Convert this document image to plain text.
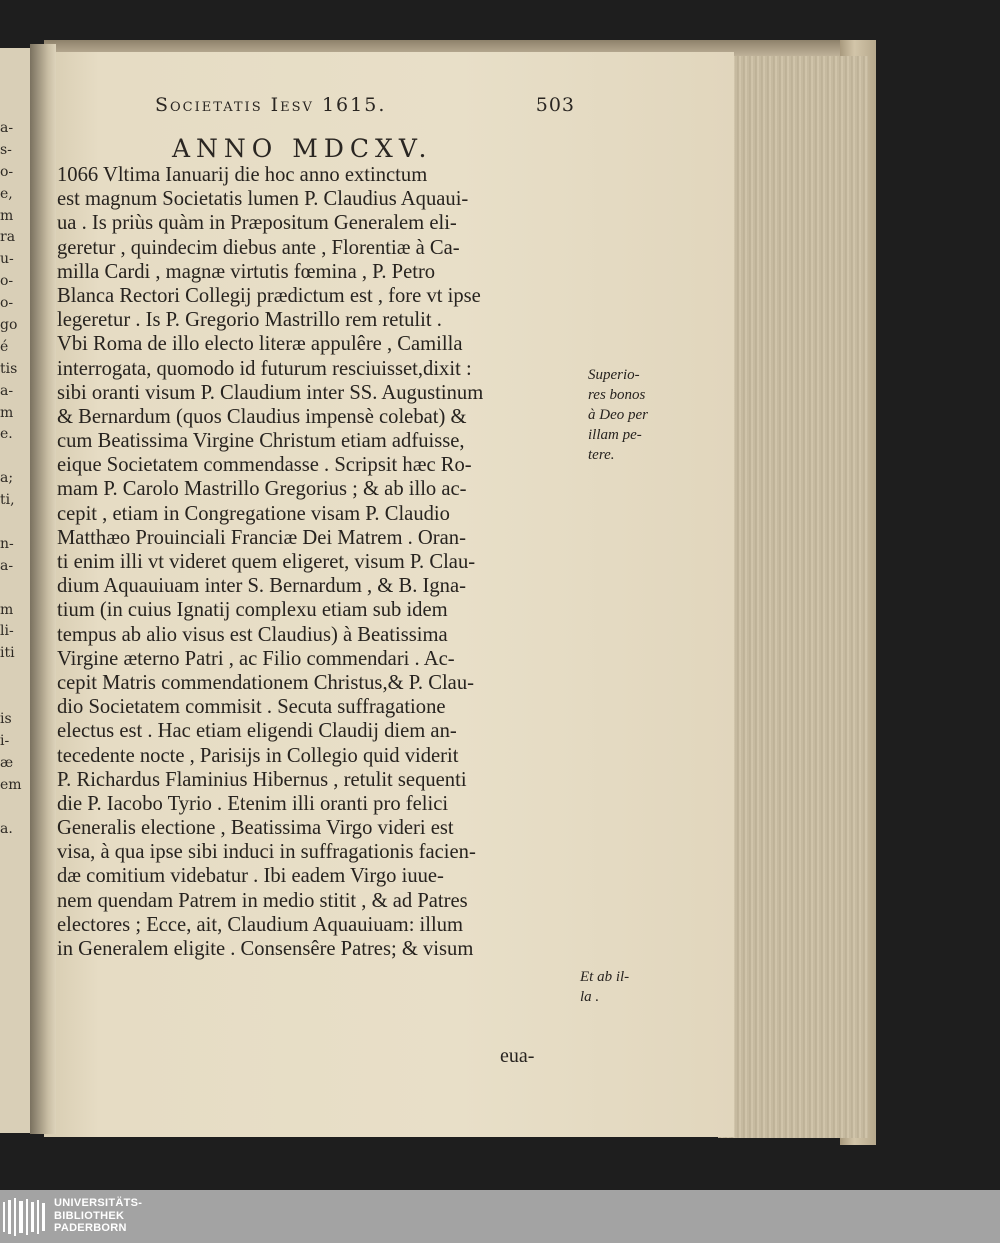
a-
s-
o-
e,
m
ra
u-
o-
o-
go
é
tis
a-
m
e.
a;
ti,
n-
a-
m
li-
iti
is
i-
æ
em
a.
Societatis Iesv 1615.	503
ANNO MDCXV.
1066 Vltima Ianuarij die hoc anno extinctum
est magnum Societatis lumen P. Claudius Aquaui-
ua . Is priùs quàm in Præpositum Generalem eli-
geretur , quindecim diebus ante , Florentiæ à Ca-
milla Cardi , magnæ virtutis fœmina , P. Petro
Blanca Rectori Collegij prædictum est , fore vt ipse
legeretur . Is P. Gregorio Mastrillo rem retulit .
Vbi Roma de illo electo literæ appulêre , Camilla
interrogata, quomodo id futurum resciuisset,dixit :
sibi oranti visum P. Claudium inter SS. Augustinum
& Bernardum (quos Claudius impensè colebat) &
cum Beatissima Virgine Christum etiam adfuisse,
eique Societatem commendasse . Scripsit hæc Ro-
mam P. Carolo Mastrillo Gregorius ; & ab illo ac-
cepit , etiam in Congregatione visam P. Claudio
Matthæo Prouinciali Franciæ Dei Matrem . Oran-
ti enim illi vt videret quem eligeret, visum P. Clau-
dium Aquauiuam inter S. Bernardum , & B. Igna-
tium (in cuius Ignatij complexu etiam sub idem
tempus ab alio visus est Claudius) à Beatissima
Virgine æterno Patri , ac Filio commendari . Ac-
cepit Matris commendationem Christus,& P. Clau-
dio Societatem commisit . Secuta suffragatione
electus est . Hac etiam eligendi Claudij diem an-
tecedente nocte , Parisijs in Collegio quid viderit
P. Richardus Flaminius Hibernus , retulit sequenti
die P. Iacobo Tyrio . Etenim illi oranti pro felici
Generalis electione , Beatissima Virgo videri est
visa, à qua ipse sibi induci in suffragationis facien-
dæ comitium videbatur . Ibi eadem Virgo iuue-
nem quendam Patrem in medio stitit , & ad Patres
electores ; Ecce, ait, Claudium Aquauiuam: illum
in Generalem eligite . Consensêre Patres; & visum
Superio-
res bonos
à Deo per
illam pe-
tere.
Et ab il-
la .
eua-
UNIVERSITÄTS-
BIBLIOTHEK
PADERBORN
